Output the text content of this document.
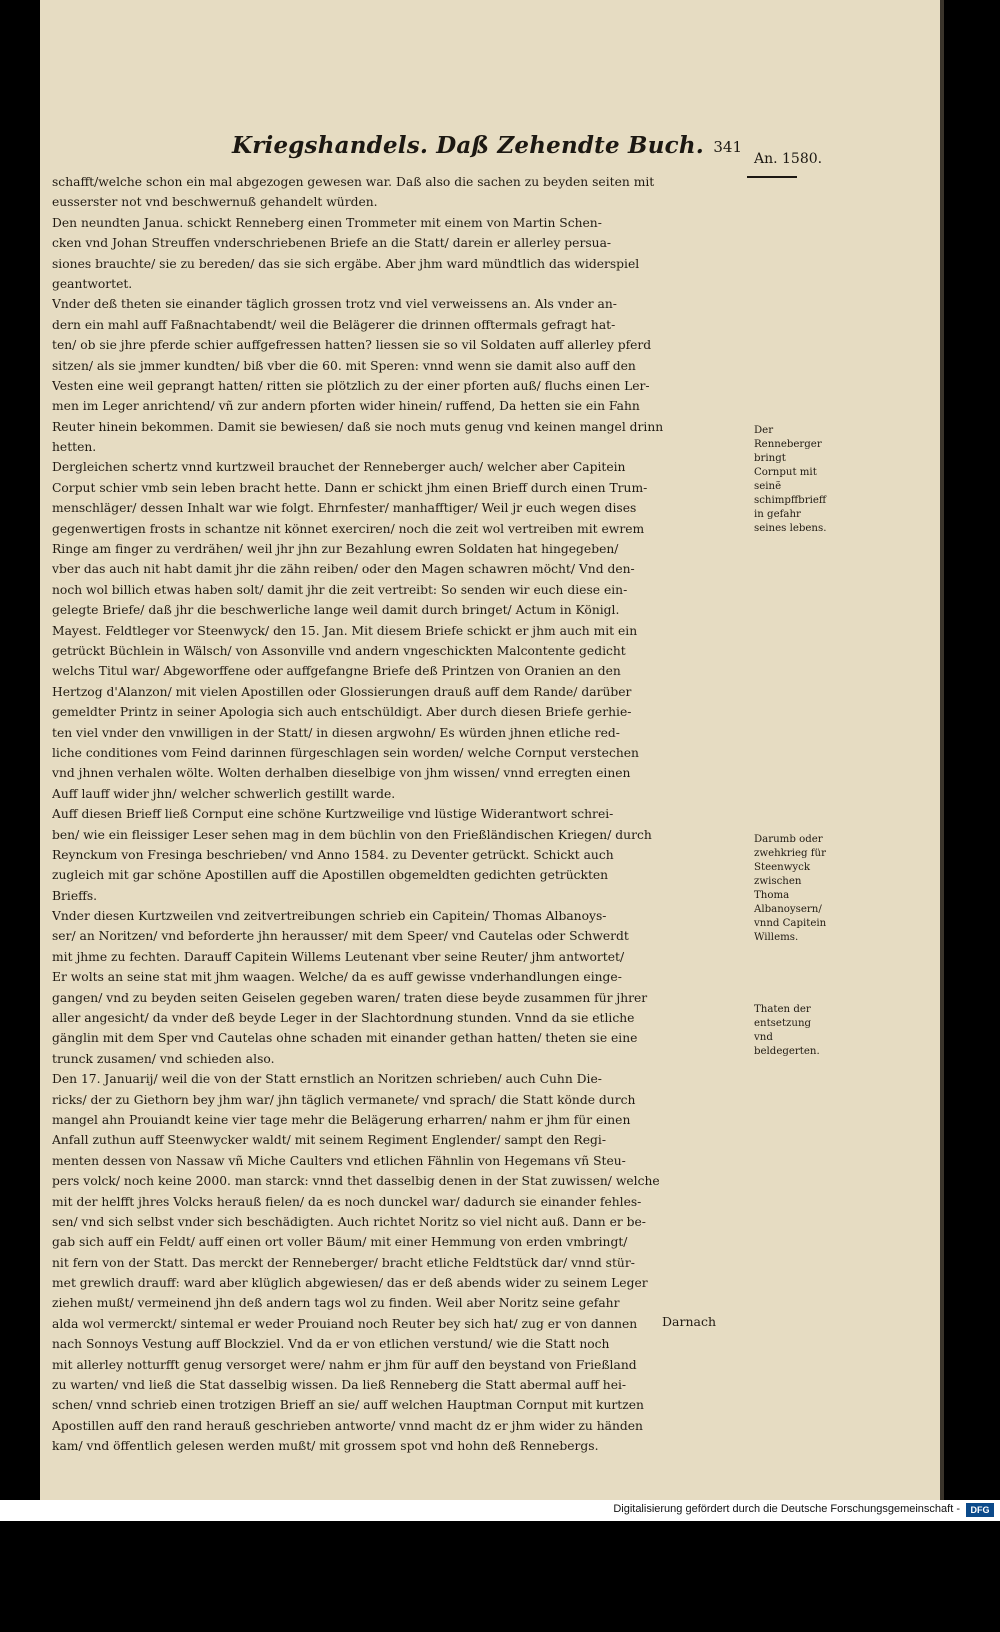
Kriegshandels. Daß Zehendte Buch. 341
An. 1580.
schafft/welche schon ein mal abgezogen gewesen war. Daß also die sachen zu beyden seiten mit
eusserster not vnd beschwernuß gehandelt würden.
Den neundten Janua. schickt Renneberg einen Trommeter mit einem von Martin Schen-
cken vnd Johan Streuffen vnderschriebenen Briefe an die Statt/ darein er allerley persua-
siones brauchte/ sie zu bereden/ das sie sich ergäbe. Aber jhm ward mündtlich das widerspiel
geantwortet.
Vnder deß theten sie einander täglich grossen trotz vnd viel verweissens an. Als vnder an-
dern ein mahl auff Faßnachtabendt/ weil die Belägerer die drinnen offtermals gefragt hat-
ten/ ob sie jhre pferde schier auffgefressen hatten? liessen sie so vil Soldaten auff allerley pferd
sitzen/ als sie jmmer kundten/ biß vber die 60. mit Speren: vnnd wenn sie damit also auff den
Vesten eine weil geprangt hatten/ ritten sie plötzlich zu der einer pforten auß/ fluchs einen Ler-
men im Leger anrichtend/ vñ zur andern pforten wider hinein/ ruffend, Da hetten sie ein Fahn
Reuter hinein bekommen. Damit sie bewiesen/ daß sie noch muts genug vnd keinen mangel drinn
hetten.
Dergleichen schertz vnnd kurtzweil brauchet der Renneberger auch/ welcher aber Capitein
Corput schier vmb sein leben bracht hette. Dann er schickt jhm einen Brieff durch einen Trum-
menschläger/ dessen Inhalt war wie folgt. Ehrnfester/ manhafftiger/ Weil jr euch wegen dises
gegenwertigen frosts in schantze nit könnet exerciren/ noch die zeit wol vertreiben mit ewrem
Ringe am finger zu verdrähen/ weil jhr jhn zur Bezahlung ewren Soldaten hat hingegeben/
vber das auch nit habt damit jhr die zähn reiben/ oder den Magen schawren möcht/ Vnd den-
noch wol billich etwas haben solt/ damit jhr die zeit vertreibt: So senden wir euch diese ein-
gelegte Briefe/ daß jhr die beschwerliche lange weil damit durch bringet/ Actum in Königl.
Mayest. Feldtleger vor Steenwyck/ den 15. Jan. Mit diesem Briefe schickt er jhm auch mit ein
getrückt Büchlein in Wälsch/ von Assonville vnd andern vngeschickten Malcontente gedicht
welchs Titul war/ Abgeworffene oder auffgefangne Briefe deß Printzen von Oranien an den
Hertzog d'Alanzon/ mit vielen Apostillen oder Glossierungen drauß auff dem Rande/ darüber
gemeldter Printz in seiner Apologia sich auch entschüldigt. Aber durch diesen Briefe gerhie-
ten viel vnder den vnwilligen in der Statt/ in diesen argwohn/ Es würden jhnen etliche red-
liche conditiones vom Feind darinnen fürgeschlagen sein worden/ welche Cornput verstechen
vnd jhnen verhalen wölte. Wolten derhalben dieselbige von jhm wissen/ vnnd erregten einen
Auff lauff wider jhn/ welcher schwerlich gestillt warde.
Auff diesen Brieff ließ Cornput eine schöne Kurtzweilige vnd lüstige Widerantwort schrei-
ben/ wie ein fleissiger Leser sehen mag in dem büchlin von den Frießländischen Kriegen/ durch
Reynckum von Fresinga beschrieben/ vnd Anno 1584. zu Deventer getrückt. Schickt auch
zugleich mit gar schöne Apostillen auff die Apostillen obgemeldten gedichten getrückten
Brieffs.
Vnder diesen Kurtzweilen vnd zeitvertreibungen schrieb ein Capitein/ Thomas Albanoys-
ser/ an Noritzen/ vnd beforderte jhn herausser/ mit dem Speer/ vnd Cautelas oder Schwerdt
mit jhme zu fechten. Darauff Capitein Willems Leutenant vber seine Reuter/ jhm antwortet/
Er wolts an seine stat mit jhm waagen. Welche/ da es auff gewisse vnderhandlungen einge-
gangen/ vnd zu beyden seiten Geiselen gegeben waren/ traten diese beyde zusammen für jhrer
aller angesicht/ da vnder deß beyde Leger in der Slachtordnung stunden. Vnnd da sie etliche
gänglin mit dem Sper vnd Cautelas ohne schaden mit einander gethan hatten/ theten sie eine
trunck zusamen/ vnd schieden also.
Den 17. Januarij/ weil die von der Statt ernstlich an Noritzen schrieben/ auch Cuhn Die-
ricks/ der zu Giethorn bey jhm war/ jhn täglich vermanete/ vnd sprach/ die Statt könde durch
mangel ahn Prouiandt keine vier tage mehr die Belägerung erharren/ nahm er jhm für einen
Anfall zuthun auff Steenwycker waldt/ mit seinem Regiment Englender/ sampt den Regi-
menten dessen von Nassaw vñ Miche Caulters vnd etlichen Fähnlin von Hegemans vñ Steu-
pers volck/ noch keine 2000. man starck: vnnd thet dasselbig denen in der Stat zuwissen/ welche
mit der helfft jhres Volcks herauß fielen/ da es noch dunckel war/ dadurch sie einander fehles-
sen/ vnd sich selbst vnder sich beschädigten. Auch richtet Noritz so viel nicht auß. Dann er be-
gab sich auff ein Feldt/ auff einen ort voller Bäum/ mit einer Hemmung von erden vmbringt/
nit fern von der Statt. Das merckt der Renneberger/ bracht etliche Feldtstück dar/ vnnd stür-
met grewlich drauff: ward aber klüglich abgewiesen/ das er deß abends wider zu seinem Leger
ziehen mußt/ vermeinend jhn deß andern tags wol zu finden. Weil aber Noritz seine gefahr
alda wol vermerckt/ sintemal er weder Prouiand noch Reuter bey sich hat/ zug er von dannen
nach Sonnoys Vestung auff Blockziel. Vnd da er von etlichen verstund/ wie die Statt noch
mit allerley notturfft genug versorget were/ nahm er jhm für auff den beystand von Frießland
zu warten/ vnd ließ die Stat dasselbig wissen. Da ließ Renneberg die Statt abermal auff hei-
schen/ vnnd schrieb einen trotzigen Brieff an sie/ auff welchen Hauptman Cornput mit kurtzen
Apostillen auff den rand herauß geschrieben antworte/ vnnd macht dz er jhm wider zu händen
kam/ vnd öffentlich gelesen werden mußt/ mit grossem spot vnd hohn deß Rennebergs.
Der Renneberger bringt Cornput mit seinẽ schimpffbrieff in gefahr seines lebens.
Darumb oder zwehkrieg für Steenwyck zwischen Thoma Albanoysern/ vnnd Capitein Willems.
Thaten der entsetzung vnd beldegerten.
Darnach
Digitalisierung gefördert durch die Deutsche Forschungsgemeinschaft -	DFG
